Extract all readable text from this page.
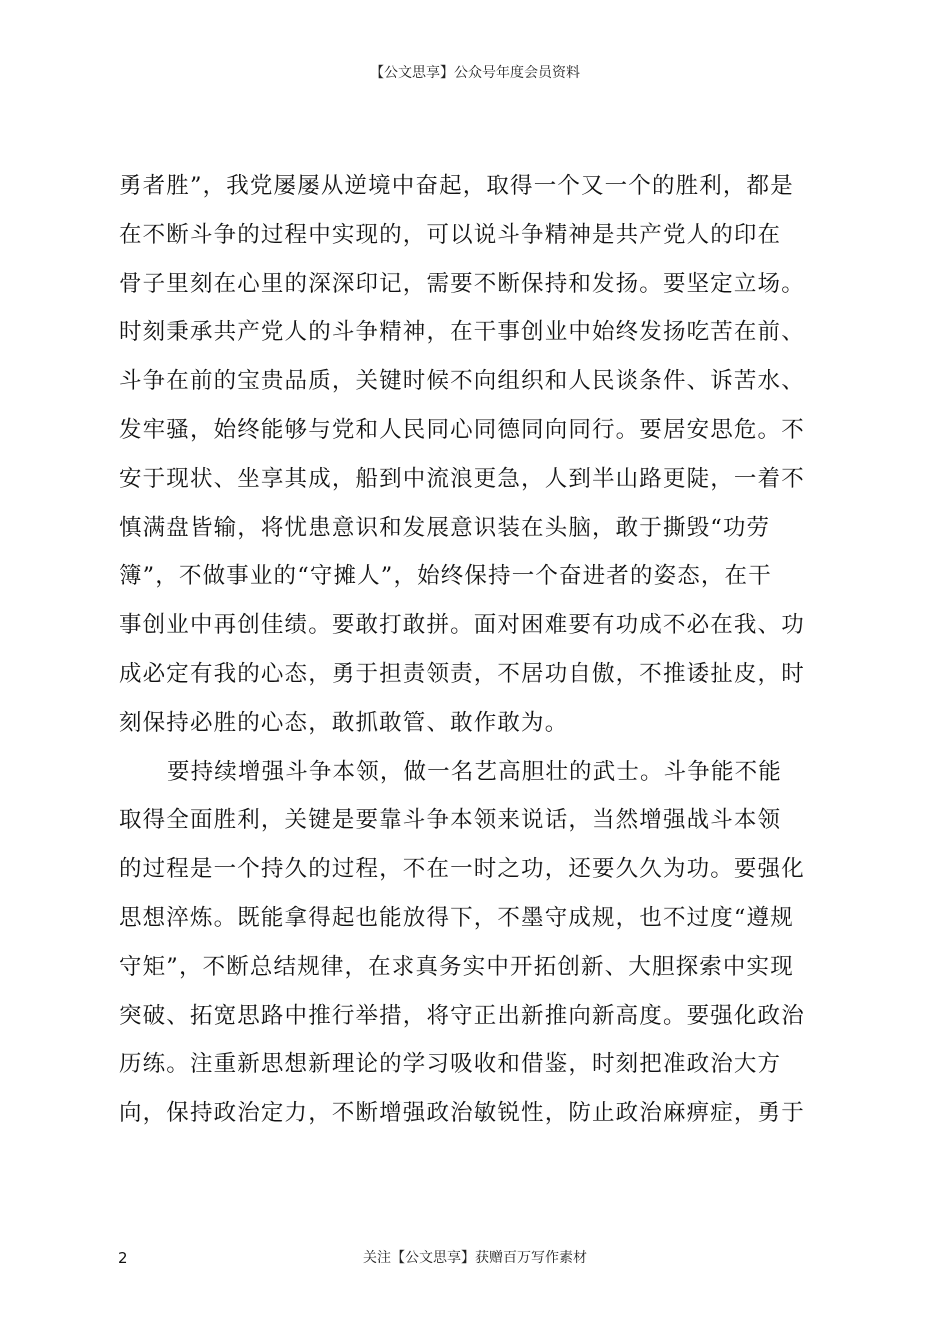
【公文思享】公众号年度会员资料
勇者胜”，我党屡屡从逆境中奋起，取得一个又一个的胜利，都是
在不断斗争的过程中实现的，可以说斗争精神是共产党人的印在
骨子里刻在心里的深深印记，需要不断保持和发扬。要坚定立场。
时刻秉承共产党人的斗争精神，在干事创业中始终发扬吃苦在前、
斗争在前的宝贵品质，关键时候不向组织和人民谈条件、诉苦水、
发牢骚，始终能够与党和人民同心同德同向同行。要居安思危。不
安于现状、坐享其成，船到中流浪更急，人到半山路更陡，一着不
慎满盘皆输，将忧患意识和发展意识装在头脑，敢于撕毁“功劳
簿”，不做事业的“守摊人”，始终保持一个奋进者的姿态，在干
事创业中再创佳绩。要敢打敢拼。面对困难要有功成不必在我、功
成必定有我的心态，勇于担责领责，不居功自傲，不推诿扯皮，时
刻保持必胜的心态，敢抓敢管、敢作敢为。
要持续增强斗争本领，做一名艺高胆壮的武士。斗争能不能
取得全面胜利，关键是要靠斗争本领来说话，当然增强战斗本领
的过程是一个持久的过程，不在一时之功，还要久久为功。要强化
思想淬炼。既能拿得起也能放得下，不墨守成规，也不过度“遵规
守矩”，不断总结规律，在求真务实中开拓创新、大胆探索中实现
突破、拓宽思路中推行举措，将守正出新推向新高度。要强化政治
历练。注重新思想新理论的学习吸收和借鉴，时刻把准政治大方
向，保持政治定力，不断增强政治敏锐性，防止政治麻痹症，勇于
2	关注【公文思享】获赠百万写作素材
